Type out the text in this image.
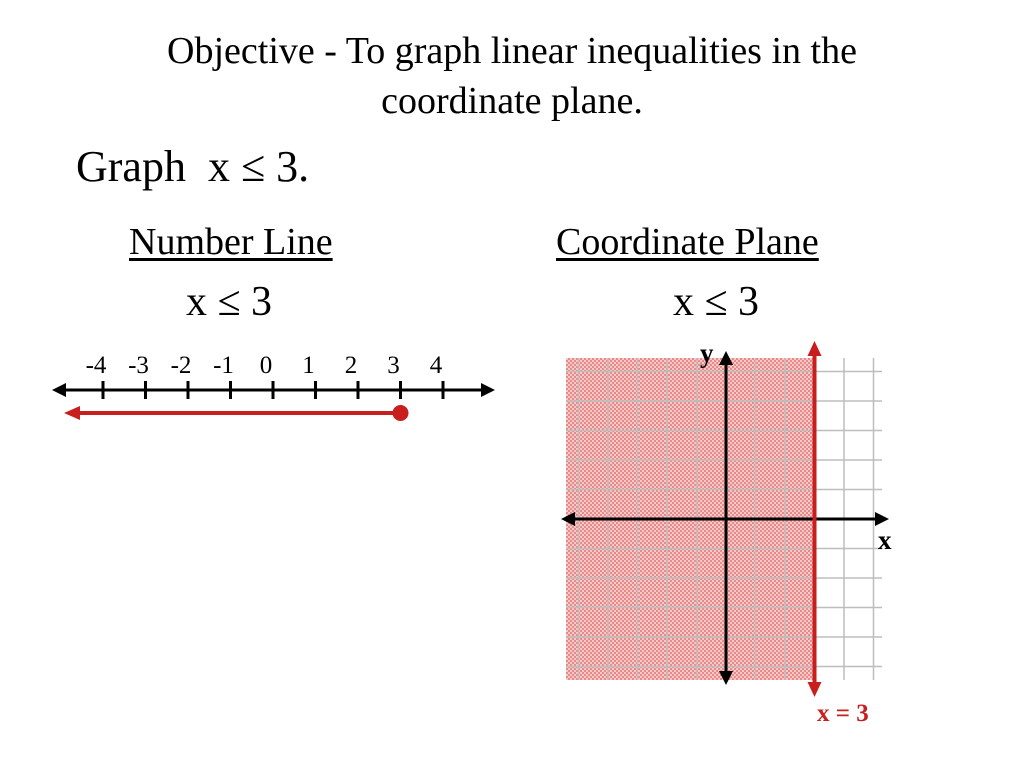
Objective - To graph linear inequalities in the
coordinate plane.
Graph  x ≤ 3.
Number Line	Coordinate Plane
x ≤ 3	x ≤ 3
-4 -3 -2 -1 0 1 2 3 4	y
x
x = 3
